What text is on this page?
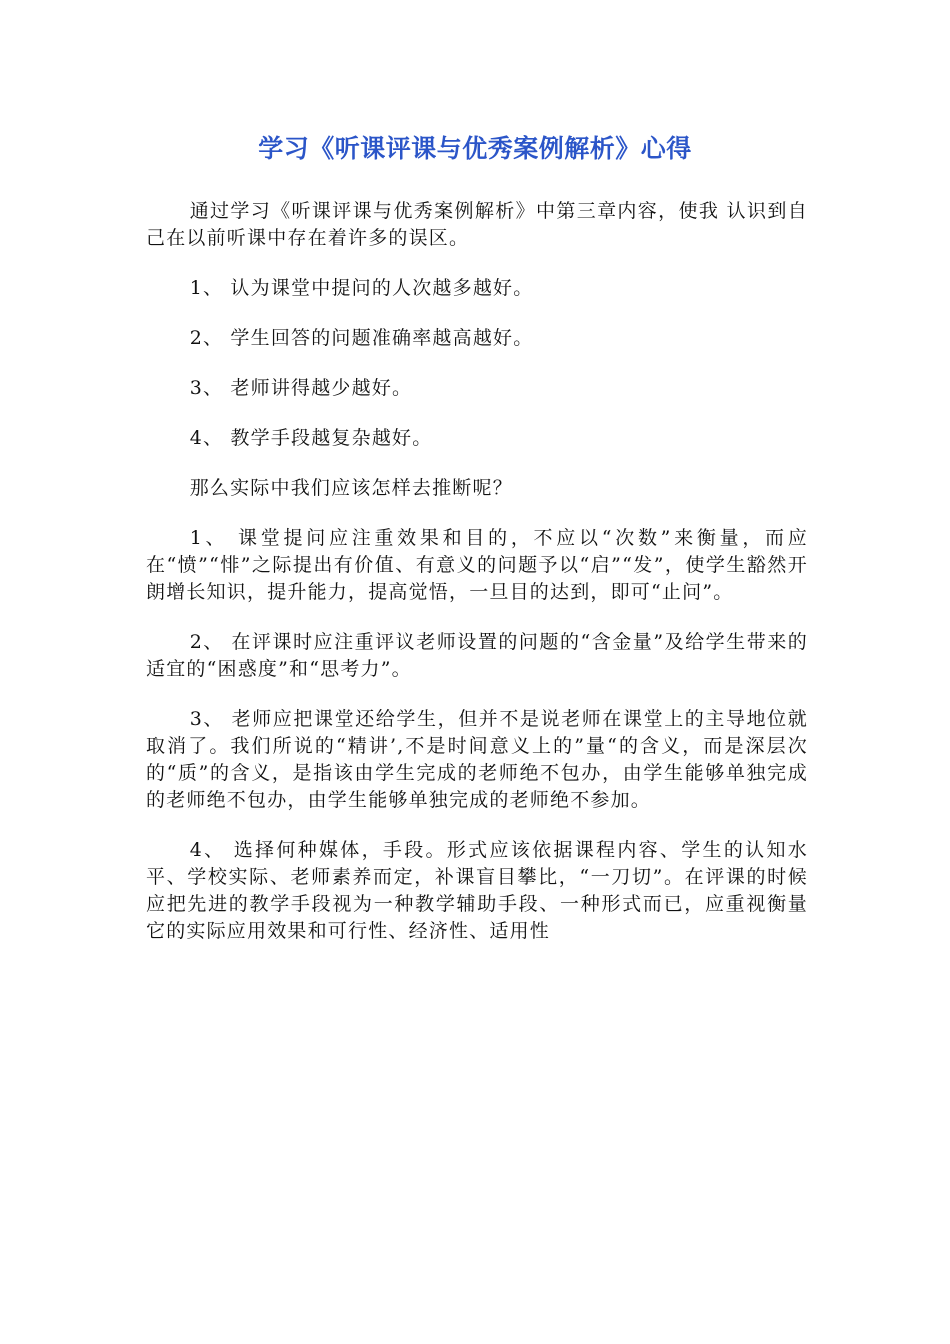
学习《听课评课与优秀案例解析》心得

通过学习《听课评课与优秀案例解析》中第三章内容，使我 认识到自己在以前听课中存在着许多的误区。

1、 认为课堂中提问的人次越多越好。

2、 学生回答的问题准确率越高越好。

3、 老师讲得越少越好。

4、 教学手段越复杂越好。

那么实际中我们应该怎样去推断呢？

1、 课堂提问应注重效果和目的，不应以“次数”来衡量，而应在“愤”“悱”之际提出有价值、有意义的问题予以“启”“发”，使学生豁然开朗增长知识，提升能力，提高觉悟，一旦目的达到，即可“止问”。

2、 在评课时应注重评议老师设置的问题的“含金量”及给学生带来的适宜的“困惑度”和“思考力”。

3、 老师应把课堂还给学生，但并不是说老师在课堂上的主导地位就取消了。我们所说的“精讲’,不是时间意义上的”量“的含义，而是深层次的“质”的含义，是指该由学生完成的老师绝不包办，由学生能够单独完成的老师绝不包办，由学生能够单独完成的老师绝不参加。

4、 选择何种媒体，手段。形式应该依据课程内容、学生的认知水平、学校实际、老师素养而定，补课盲目攀比，“一刀切”。在评课的时候应把先进的教学手段视为一种教学辅助手段、一种形式而已，应重视衡量它的实际应用效果和可行性、经济性、适用性
